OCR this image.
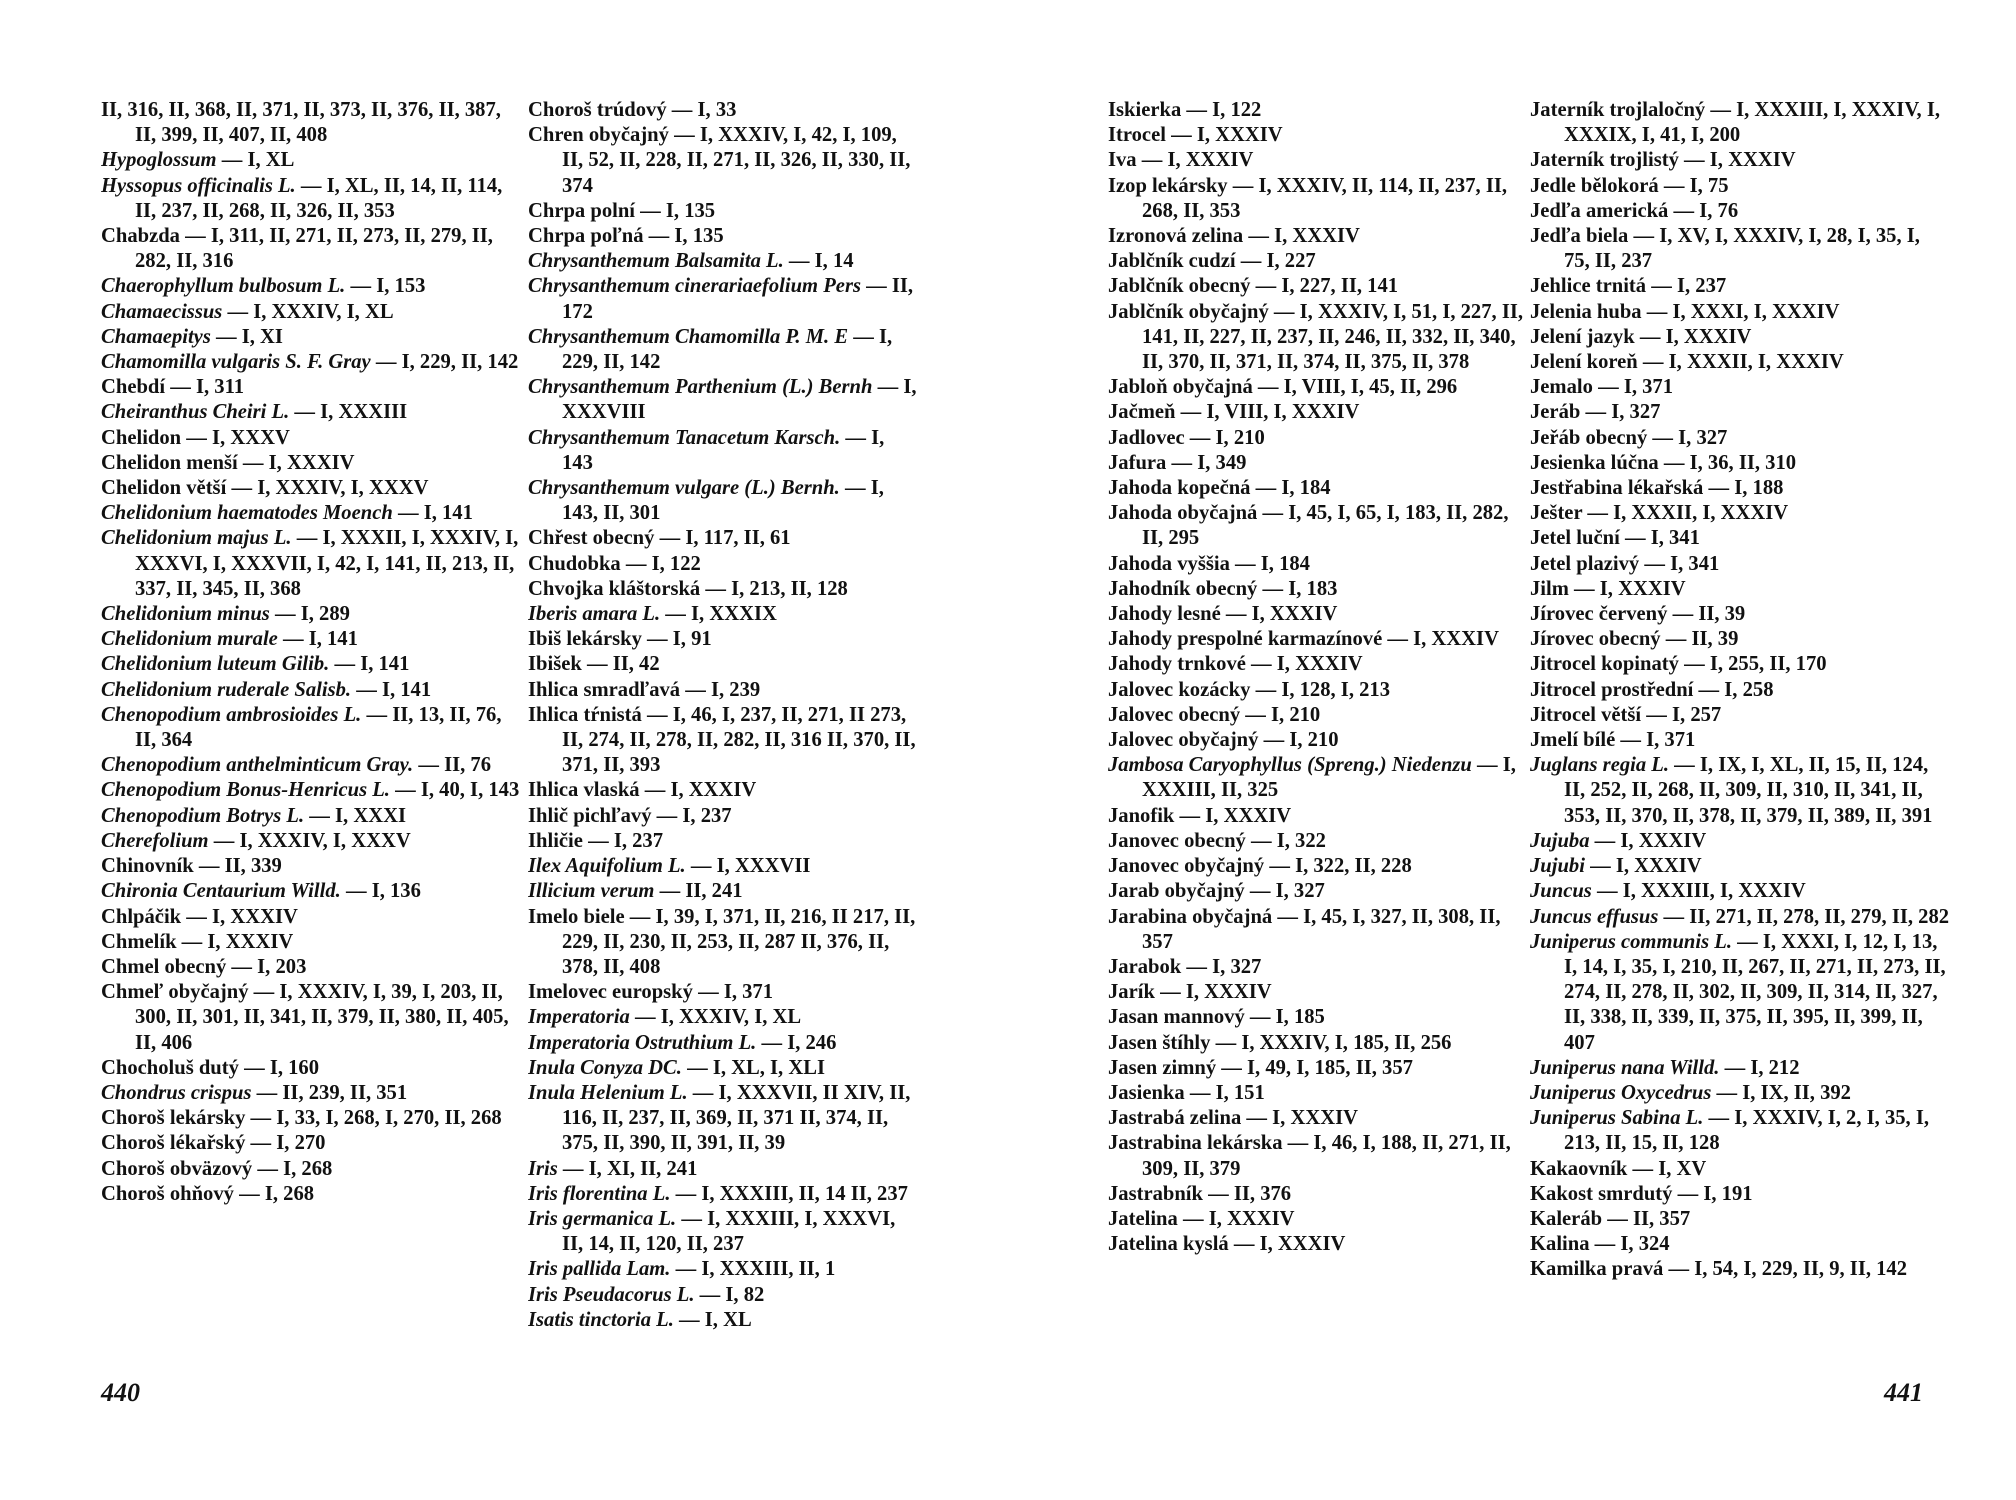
II, 316, II, 368, II, 371, II, 373, II, 376, II, 387, II, 399, II, 407, II, 408
Hypoglossum — I, XL
Hyssopus officinalis L. — I, XL, II, 14, II, 114, II, 237, II, 268, II, 326, II, 353
Chabzda — I, 311, II, 271, II, 273, II, 279, II, 282, II, 316
Chaerophyllum bulbosum L. — I, 153
Chamaecissus — I, XXXIV, I, XL
Chamaepitys — I, XI
Chamomilla vulgaris S. F. Gray — I, 229, II, 142
Chebdí — I, 311
Cheiranthus Cheiri L. — I, XXXIII
Chelidon — I, XXXV
Chelidon menší — I, XXXIV
Chelidon větší — I, XXXIV, I, XXXV
Chelidonium haematodes Moench — I, 141
Chelidonium majus L. — I, XXXII, I, XXXIV, I, XXXVI, I, XXXVII, I, 42, I, 141, II, 213, II, 337, II, 345, II, 368
Chelidonium minus — I, 289
Chelidonium murale — I, 141
Chelidonium luteum Gilib. — I, 141
Chelidonium ruderale Salisb. — I, 141
Chenopodium ambrosioides L. — II, 13, II, 76, II, 364
Chenopodium anthelminticum Gray. — II, 76
Chenopodium Bonus-Henricus L. — I, 40, I, 143
Chenopodium Botrys L. — I, XXXI
Cherefolium — I, XXXIV, I, XXXV
Chinovník — II, 339
Chironia Centaurium Willd. — I, 136
Chlpáčik — I, XXXIV
Chmelík — I, XXXIV
Chmel obecný — I, 203
Chmeľ obyčajný — I, XXXIV, I, 39, I, 203, II, 300, II, 301, II, 341, II, 379, II, 380, II, 405, II, 406
Chocholuš dutý — I, 160
Chondrus crispus — II, 239, II, 351
Choroš lekársky — I, 33, I, 268, I, 270, II, 268
Choroš lékařský — I, 270
Choroš obväzový — I, 268
Choroš ohňový — I, 268
Choroš trúdový — I, 33
Chren obyčajný — I, XXXIV, I, 42, I, 109, II, 52, II, 228, II, 271, II, 326, II, 330, II, 374
Chrpa polní — I, 135
Chrpa poľná — I, 135
Chrysanthemum Balsamita L. — I, 14
Chrysanthemum cinerariaefolium Pers — II, 172
Chrysanthemum Chamomilla P. M. E — I, 229, II, 142
Chrysanthemum Parthenium (L.) Bernh — I, XXXVIII
Chrysanthemum Tanacetum Karsch. — I, 143
Chrysanthemum vulgare (L.) Bernh. — I, 143, II, 301
Chřest obecný — I, 117, II, 61
Chudobka — I, 122
Chvojka kláštorská — I, 213, II, 128
Iberis amara L. — I, XXXIX
Ibiš lekársky — I, 91
Ibišek — II, 42
Ihlica smradľavá — I, 239
Ihlica tŕnistá — I, 46, I, 237, II, 271, II 273, II, 274, II, 278, II, 282, II, 316 II, 370, II, 371, II, 393
Ihlica vlaská — I, XXXIV
Ihlič pichľavý — I, 237
Ihličie — I, 237
Ilex Aquifolium L. — I, XXXVII
Illicium verum — II, 241
Imelo biele — I, 39, I, 371, II, 216, II 217, II, 229, II, 230, II, 253, II, 287 II, 376, II, 378, II, 408
Imelovec europský — I, 371
Imperatoria — I, XXXIV, I, XL
Imperatoria Ostruthium L. — I, 246
Inula Conyza DC. — I, XL, I, XLI
Inula Helenium L. — I, XXXVII, II XIV, II, 116, II, 237, II, 369, II, 371 II, 374, II, 375, II, 390, II, 391, II, 39
Iris — I, XI, II, 241
Iris florentina L. — I, XXXIII, II, 14 II, 237
Iris germanica L. — I, XXXIII, I, XXXVI, II, 14, II, 120, II, 237
Iris pallida Lam. — I, XXXIII, II, 1
Iris Pseudacorus L. — I, 82
Isatis tinctoria L. — I, XL
440
Iskierka — I, 122
Itrocel — I, XXXIV
Iva — I, XXXIV
Izop lekársky — I, XXXIV, II, 114, II, 237, II, 268, II, 353
Izronová zelina — I, XXXIV
Jablčník cudzí — I, 227
Jablčník obecný — I, 227, II, 141
Jablčník obyčajný — I, XXXIV, I, 51, I, 227, II, 141, II, 227, II, 237, II, 246, II, 332, II, 340, II, 370, II, 371, II, 374, II, 375, II, 378
Jabloň obyčajná — I, VIII, I, 45, II, 296
Jačmeň — I, VIII, I, XXXIV
Jadlovec — I, 210
Jafura — I, 349
Jahoda kopečná — I, 184
Jahoda obyčajná — I, 45, I, 65, I, 183, II, 282, II, 295
Jahoda vyššia — I, 184
Jahodník obecný — I, 183
Jahody lesné — I, XXXIV
Jahody prespolné karmazínové — I, XXXIV
Jahody trnkové — I, XXXIV
Jalovec kozácky — I, 128, I, 213
Jalovec obecný — I, 210
Jalovec obyčajný — I, 210
Jambosa Caryophyllus (Spreng.) Niedenzu — I, XXXIII, II, 325
Janofik — I, XXXIV
Janovec obecný — I, 322
Janovec obyčajný — I, 322, II, 228
Jarab obyčajný — I, 327
Jarabina obyčajná — I, 45, I, 327, II, 308, II, 357
Jarabok — I, 327
Jarík — I, XXXIV
Jasan mannový — I, 185
Jasen štíhly — I, XXXIV, I, 185, II, 256
Jasen zimný — I, 49, I, 185, II, 357
Jasienka — I, 151
Jastrabá zelina — I, XXXIV
Jastrabina lekárska — I, 46, I, 188, II, 271, II, 309, II, 379
Jastrabník — II, 376
Jatelina — I, XXXIV
Jatelina kyslá — I, XXXIV
Jaterník trojlaločný — I, XXXIII, I, XXXIV, I, XXXIX, I, 41, I, 200
Jaterník trojlistý — I, XXXIV
Jedle bělokorá — I, 75
Jedľa americká — I, 76
Jedľa biela — I, XV, I, XXXIV, I, 28, I, 35, I, 75, II, 237
Jehlice trnitá — I, 237
Jelenia huba — I, XXXI, I, XXXIV
Jelení jazyk — I, XXXIV
Jelení koreň — I, XXXII, I, XXXIV
Jemalo — I, 371
Jeráb — I, 327
Jeřáb obecný — I, 327
Jesienka lúčna — I, 36, II, 310
Jestřabina lékařská — I, 188
Ješter — I, XXXII, I, XXXIV
Jetel luční — I, 341
Jetel plazivý — I, 341
Jilm — I, XXXIV
Jírovec červený — II, 39
Jírovec obecný — II, 39
Jitrocel kopinatý — I, 255, II, 170
Jitrocel prostřední — I, 258
Jitrocel větší — I, 257
Jmelí bílé — I, 371
Juglans regia L. — I, IX, I, XL, II, 15, II, 124, II, 252, II, 268, II, 309, II, 310, II, 341, II, 353, II, 370, II, 378, II, 379, II, 389, II, 391
Jujuba — I, XXXIV
Jujubi — I, XXXIV
Juncus — I, XXXIII, I, XXXIV
Juncus effusus — II, 271, II, 278, II, 279, II, 282
Juniperus communis L. — I, XXXI, I, 12, I, 13, I, 14, I, 35, I, 210, II, 267, II, 271, II, 273, II, 274, II, 278, II, 302, II, 309, II, 314, II, 327, II, 338, II, 339, II, 375, II, 395, II, 399, II, 407
Juniperus nana Willd. — I, 212
Juniperus Oxycedrus — I, IX, II, 392
Juniperus Sabina L. — I, XXXIV, I, 2, I, 35, I, 213, II, 15, II, 128
Kakaovník — I, XV
Kakost smrdutý — I, 191
Kaleráb — II, 357
Kalina — I, 324
Kamilka pravá — I, 54, I, 229, II, 9, II, 142
441
